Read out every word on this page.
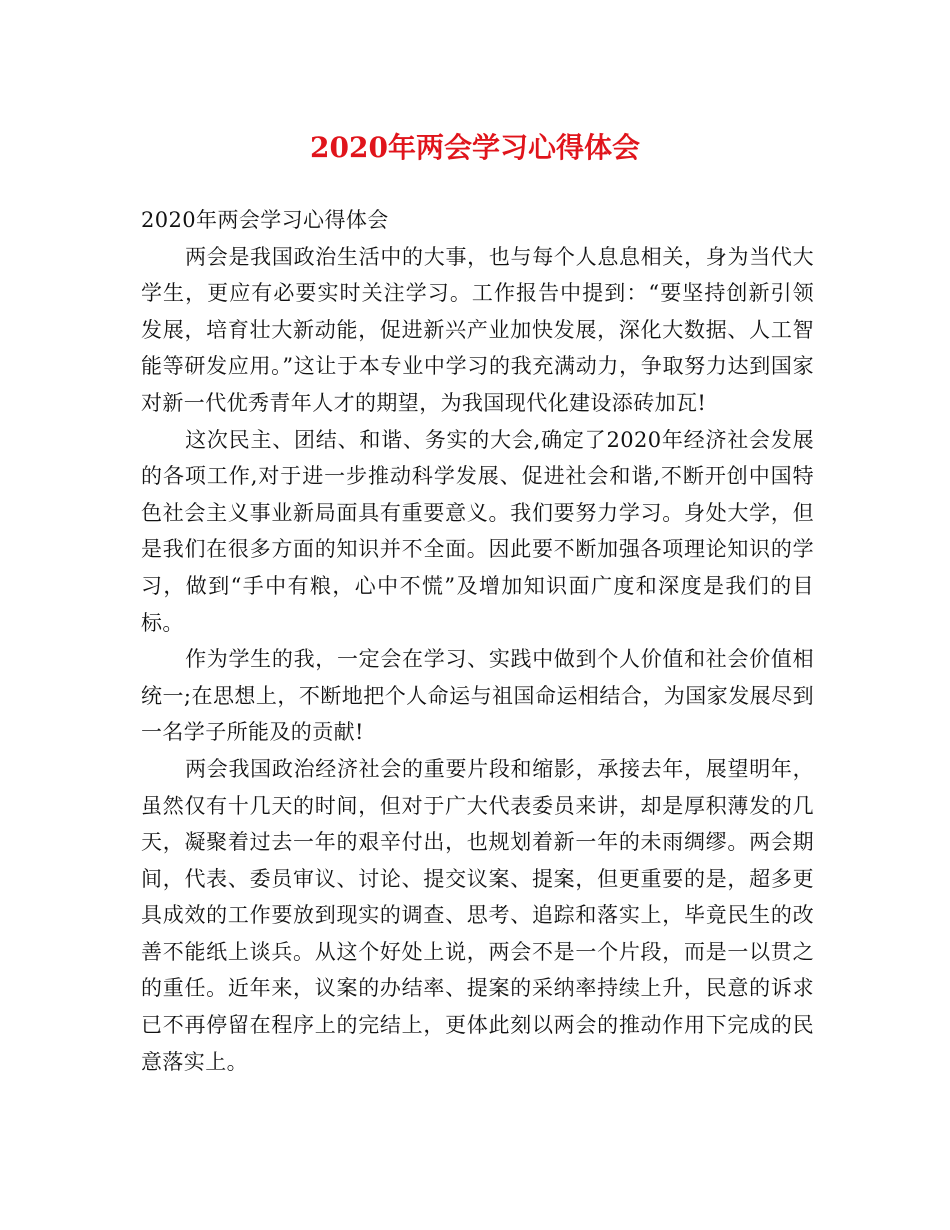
2020年两会学习心得体会

2020年两会学习心得体会

两会是我国政治生活中的大事，也与每个人息息相关，身为当代大学生，更应有必要实时关注学习。工作报告中提到：“要坚持创新引领发展，培育壮大新动能，促进新兴产业加快发展，深化大数据、人工智能等研发应用。”这让于本专业中学习的我充满动力，争取努力达到国家对新一代优秀青年人才的期望，为我国现代化建设添砖加瓦!

这次民主、团结、和谐、务实的大会,确定了2020年经济社会发展的各项工作,对于进一步推动科学发展、促进社会和谐,不断开创中国特色社会主义事业新局面具有重要意义。我们要努力学习。身处大学，但是我们在很多方面的知识并不全面。因此要不断加强各项理论知识的学习，做到“手中有粮，心中不慌”及增加知识面广度和深度是我们的目标。

作为学生的我，一定会在学习、实践中做到个人价值和社会价值相统一;在思想上，不断地把个人命运与祖国命运相结合，为国家发展尽到一名学子所能及的贡献!

两会我国政治经济社会的重要片段和缩影，承接去年，展望明年，虽然仅有十几天的时间，但对于广大代表委员来讲，却是厚积薄发的几天，凝聚着过去一年的艰辛付出，也规划着新一年的未雨绸缪。两会期间，代表、委员审议、讨论、提交议案、提案，但更重要的是，超多更具成效的工作要放到现实的调查、思考、追踪和落实上，毕竟民生的改善不能纸上谈兵。从这个好处上说，两会不是一个片段，而是一以贯之的重任。近年来，议案的办结率、提案的采纳率持续上升，民意的诉求已不再停留在程序上的完结上，更体此刻以两会的推动作用下完成的民意落实上。
